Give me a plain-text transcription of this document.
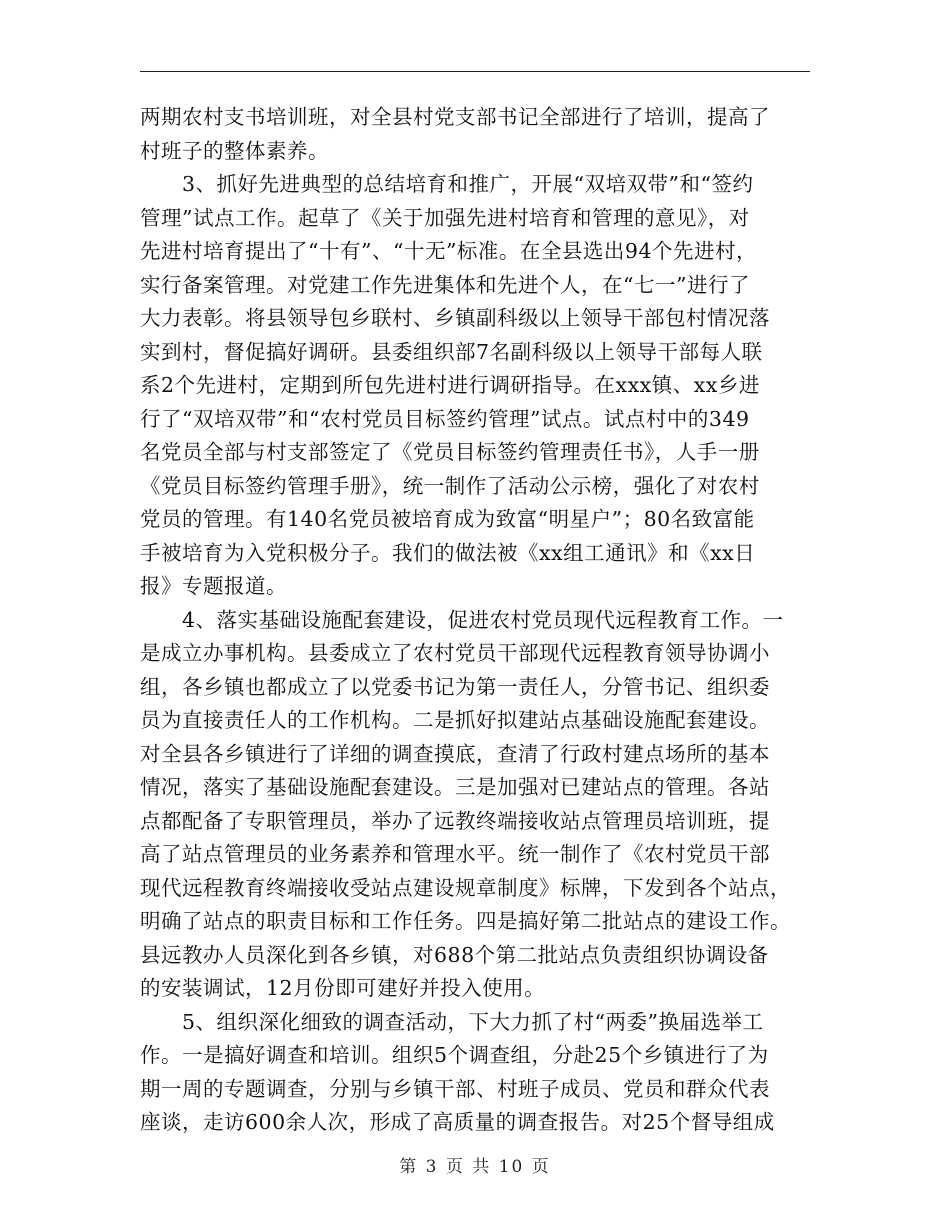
两期农村支书培训班，对全县村党支部书记全部进行了培训，提高了
村班子的整体素养。
　　3、抓好先进典型的总结培育和推广，开展“双培双带”和“签约
管理”试点工作。起草了《关于加强先进村培育和管理的意见》，对
先进村培育提出了“十有”、“十无”标准。在全县选出94个先进村，
实行备案管理。对党建工作先进集体和先进个人，在“七一”进行了
大力表彰。将县领导包乡联村、乡镇副科级以上领导干部包村情况落
实到村，督促搞好调研。县委组织部7名副科级以上领导干部每人联
系2个先进村，定期到所包先进村进行调研指导。在xxx镇、xx乡进
行了“双培双带”和“农村党员目标签约管理”试点。试点村中的349
名党员全部与村支部签定了《党员目标签约管理责任书》，人手一册
《党员目标签约管理手册》，统一制作了活动公示榜，强化了对农村
党员的管理。有140名党员被培育成为致富“明星户”；80名致富能
手被培育为入党积极分子。我们的做法被《xx组工通讯》和《xx日
报》专题报道。
　　4、落实基础设施配套建设，促进农村党员现代远程教育工作。一
是成立办事机构。县委成立了农村党员干部现代远程教育领导协调小
组，各乡镇也都成立了以党委书记为第一责任人，分管书记、组织委
员为直接责任人的工作机构。二是抓好拟建站点基础设施配套建设。
对全县各乡镇进行了详细的调查摸底，查清了行政村建点场所的基本
情况，落实了基础设施配套建设。三是加强对已建站点的管理。各站
点都配备了专职管理员，举办了远教终端接收站点管理员培训班，提
高了站点管理员的业务素养和管理水平。统一制作了《农村党员干部
现代远程教育终端接收受站点建设规章制度》标牌，下发到各个站点，
明确了站点的职责目标和工作任务。四是搞好第二批站点的建设工作。
县远教办人员深化到各乡镇，对688个第二批站点负责组织协调设备
的安装调试，12月份即可建好并投入使用。
　　5、组织深化细致的调查活动，下大力抓了村“两委”换届选举工
作。一是搞好调查和培训。组织5个调查组，分赴25个乡镇进行了为
期一周的专题调查，分别与乡镇干部、村班子成员、党员和群众代表
座谈，走访600余人次，形成了高质量的调查报告。对25个督导组成
第 3 页 共 10 页
